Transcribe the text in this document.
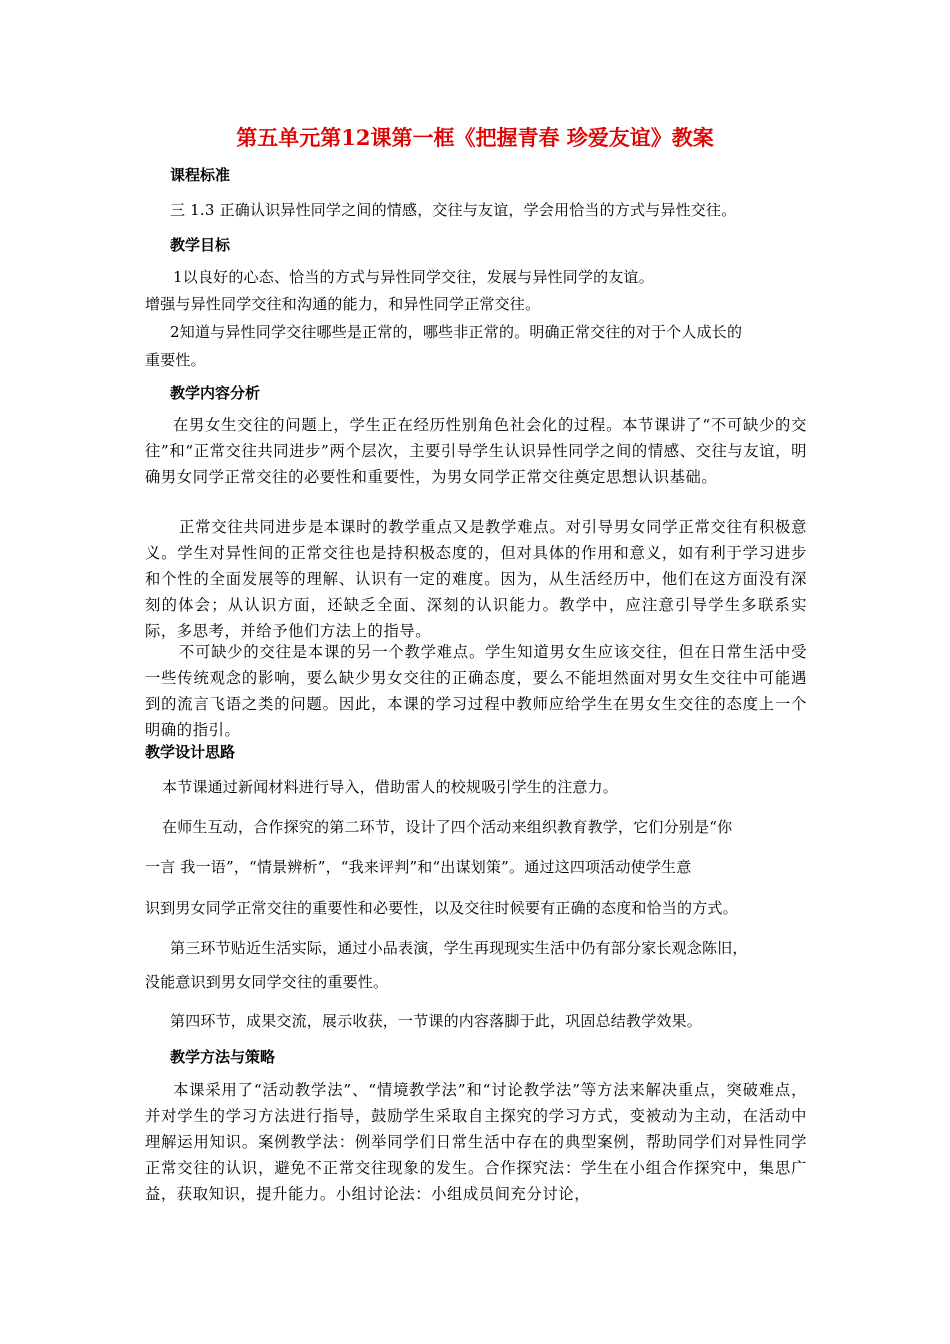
第五单元第12课第一框《把握青春 珍爱友谊》教案
课程标准
三 1.3 正确认识异性同学之间的情感，交往与友谊，学会用恰当的方式与异性交往。
教学目标
1以良好的心态、恰当的方式与异性同学交往，发展与异性同学的友谊。
增强与异性同学交往和沟通的能力，和异性同学正常交往。
2知道与异性同学交往哪些是正常的，哪些非正常的。明确正常交往的对于个人成长的
重要性。
教学内容分析
在男女生交往的问题上，学生正在经历性别角色社会化的过程。本节课讲了“不可缺少的交往”和“正常交往共同进步”两个层次，主要引导学生认识异性同学之间的情感、交往与友谊，明确男女同学正常交往的必要性和重要性，为男女同学正常交往奠定思想认识基础。
正常交往共同进步是本课时的教学重点又是教学难点。对引导男女同学正常交往有积极意义。学生对异性间的正常交往也是持积极态度的，但对具体的作用和意义，如有利于学习进步和个性的全面发展等的理解、认识有一定的难度。因为，从生活经历中，他们在这方面没有深刻的体会；从认识方面，还缺乏全面、深刻的认识能力。教学中，应注意引导学生多联系实际，多思考，并给予他们方法上的指导。
不可缺少的交往是本课的另一个教学难点。学生知道男女生应该交往，但在日常生活中受一些传统观念的影响，要么缺少男女交往的正确态度，要么不能坦然面对男女生交往中可能遇到的流言飞语之类的问题。因此，本课的学习过程中教师应给学生在男女生交往的态度上一个明确的指引。
教学设计思路
本节课通过新闻材料进行导入，借助雷人的校规吸引学生的注意力。
在师生互动，合作探究的第二环节，设计了四个活动来组织教育教学，它们分别是“你
一言 我一语”，“情景辨析”，“我来评判”和“出谋划策”。通过这四项活动使学生意
识到男女同学正常交往的重要性和必要性，以及交往时候要有正确的态度和恰当的方式。
第三环节贴近生活实际，通过小品表演，学生再现现实生活中仍有部分家长观念陈旧，
没能意识到男女同学交往的重要性。
第四环节，成果交流，展示收获，一节课的内容落脚于此，巩固总结教学效果。
教学方法与策略
本课采用了“活动教学法”、“情境教学法”和“讨论教学法”等方法来解决重点，突破难点，并对学生的学习方法进行指导，鼓励学生采取自主探究的学习方式，变被动为主动，在活动中理解运用知识。案例教学法：例举同学们日常生活中存在的典型案例，帮助同学们对异性同学正常交往的认识，避免不正常交往现象的发生。合作探究法：学生在小组合作探究中，集思广益，获取知识，提升能力。小组讨论法：小组成员间充分讨论，
